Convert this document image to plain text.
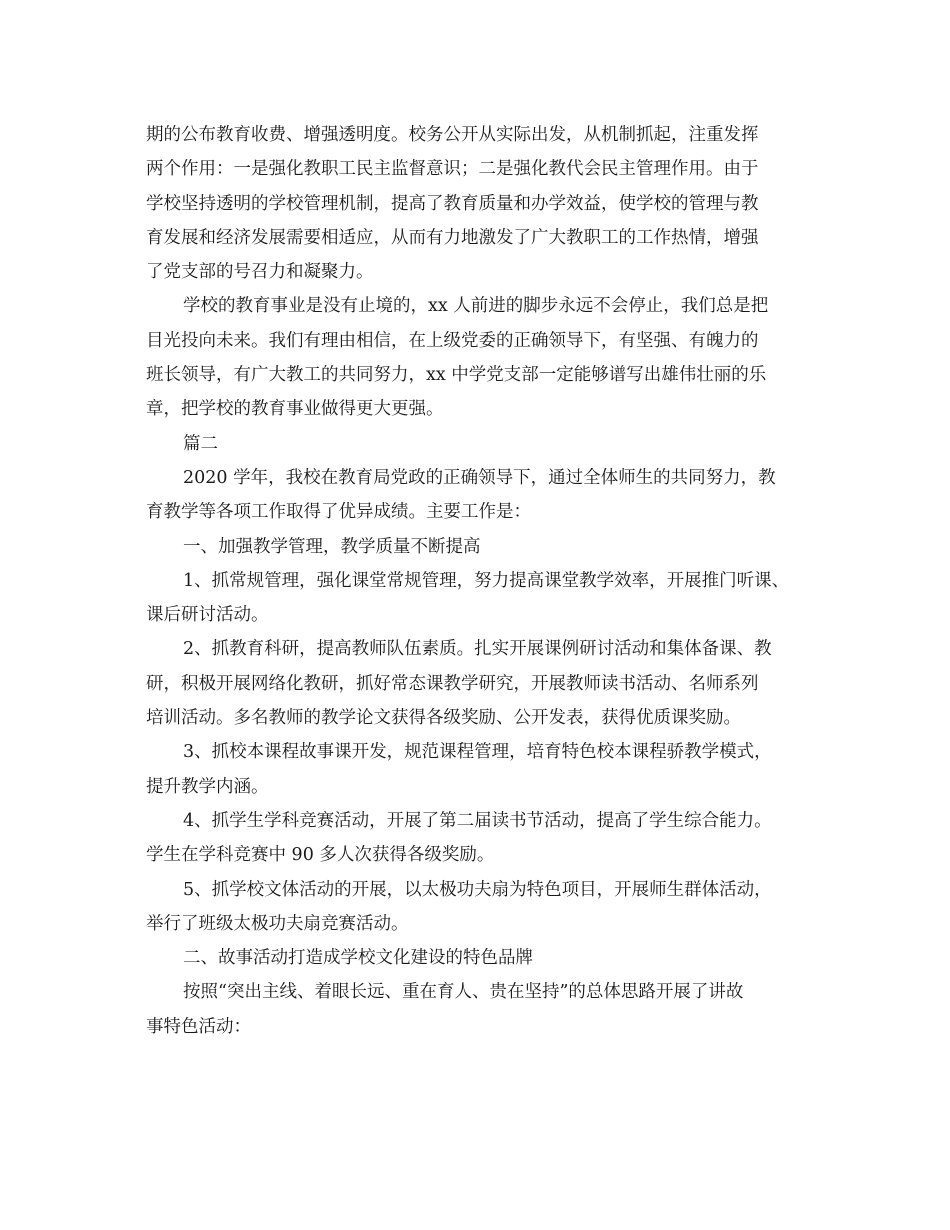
期的公布教育收费、增强透明度。校务公开从实际出发，从机制抓起，注重发挥
两个作用：一是强化教职工民主监督意识；二是强化教代会民主管理作用。由于
学校坚持透明的学校管理机制，提高了教育质量和办学效益，使学校的管理与教
育发展和经济发展需要相适应，从而有力地激发了广大教职工的工作热情，增强
了党支部的号召力和凝聚力。
学校的教育事业是没有止境的，xx 人前进的脚步永远不会停止，我们总是把
目光投向未来。我们有理由相信，在上级党委的正确领导下，有坚强、有魄力的
班长领导，有广大教工的共同努力，xx 中学党支部一定能够谱写出雄伟壮丽的乐
章，把学校的教育事业做得更大更强。
篇二
2020 学年，我校在教育局党政的正确领导下，通过全体师生的共同努力，教
育教学等各项工作取得了优异成绩。主要工作是：
一、加强教学管理，教学质量不断提高
1、抓常规管理，强化课堂常规管理，努力提高课堂教学效率，开展推门听课、
课后研讨活动。
2、抓教育科研，提高教师队伍素质。扎实开展课例研讨活动和集体备课、教
研，积极开展网络化教研，抓好常态课教学研究，开展教师读书活动、名师系列
培训活动。多名教师的教学论文获得各级奖励、公开发表，获得优质课奖励。
3、抓校本课程故事课开发，规范课程管理，培育特色校本课程骄教学模式，
提升教学内涵。
4、抓学生学科竞赛活动，开展了第二届读书节活动，提高了学生综合能力。
学生在学科竞赛中 90 多人次获得各级奖励。
5、抓学校文体活动的开展，以太极功夫扇为特色项目，开展师生群体活动，
举行了班级太极功夫扇竞赛活动。
二、故事活动打造成学校文化建设的特色品牌
按照“突出主线、着眼长远、重在育人、贵在坚持”的总体思路开展了讲故
事特色活动：
